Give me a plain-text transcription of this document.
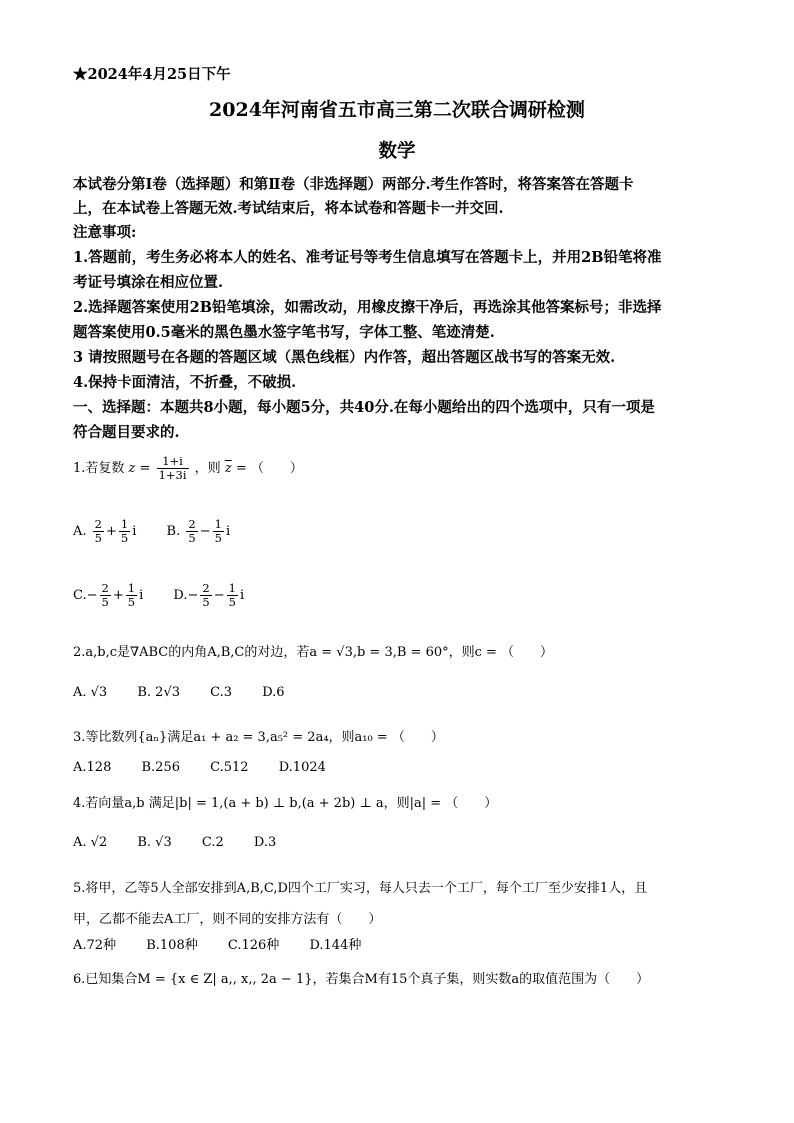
★2024年4月25日下午
2024年河南省五市高三第二次联合调研检测
数学
本试卷分第Ⅰ卷（选择题）和第Ⅱ卷（非选择题）两部分.考生作答时，将答案答在答题卡
上，在本试卷上答题无效.考试结束后，将本试卷和答题卡一并交回.
注意事项:
1.答题前，考生务必将本人的姓名、准考证号等考生信息填写在答题卡上，并用2B铅笔将准
考证号填涂在相应位置.
2.选择题答案使用2B铅笔填涂，如需改动，用橡皮擦干净后，再选涂其他答案标号；非选择
题答案使用0.5毫米的黑色墨水签字笔书写，字体工整、笔迹清楚.
3 请按照题号在各题的答题区域（黑色线框）内作答，超出答题区战书写的答案无效.
4.保持卡面清洁，不折叠，不破损.
一、选择题：本题共8小题，每小题5分，共40分.在每小题给出的四个选项中，只有一项是
符合题目要求的.
1.若复数 $z = \frac{1+i}{1+3i}$ ，则 $\overline{z}$ = （　　）
A. $\frac{2}{5} + \frac{1}{5}$ i B. $\frac{2}{5} - \frac{1}{5}$ i
$C.- \frac{2}{5} + \frac{1}{5}$ i $D.- \frac{2}{5} - \frac{1}{5}$ i
2.a,b,c是∇ABC的内角A,B,C的对边，若a = √3,b = 3,B = 60°，则c = （　　）
A. √3 B. 2√3 C.3 D.6
3.等比数列{aₙ}满足a₁ + a₂ = 3,a₅² = 2a₄，则a₁₀ = （　　）
A.128 B.256 C.512 D.1024
4.若向量a,b 满足|b| = 1,(a + b) ⊥ b,(a + 2b) ⊥ a，则|a| = （　　）
A. √2 B. √3 C.2 D.3
5.将甲，乙等5人全部安排到A,B,C,D四个工厂实习，每人只去一个工厂，每个工厂至少安排1人，且
甲，乙都不能去A工厂，则不同的安排方法有（　　）
A.72种 B.108种 C.126种 D.144种
6.已知集合M = {x ∈ Z| a,, x,, 2a − 1}，若集合M有15个真子集，则实数a的取值范围为（　　）
